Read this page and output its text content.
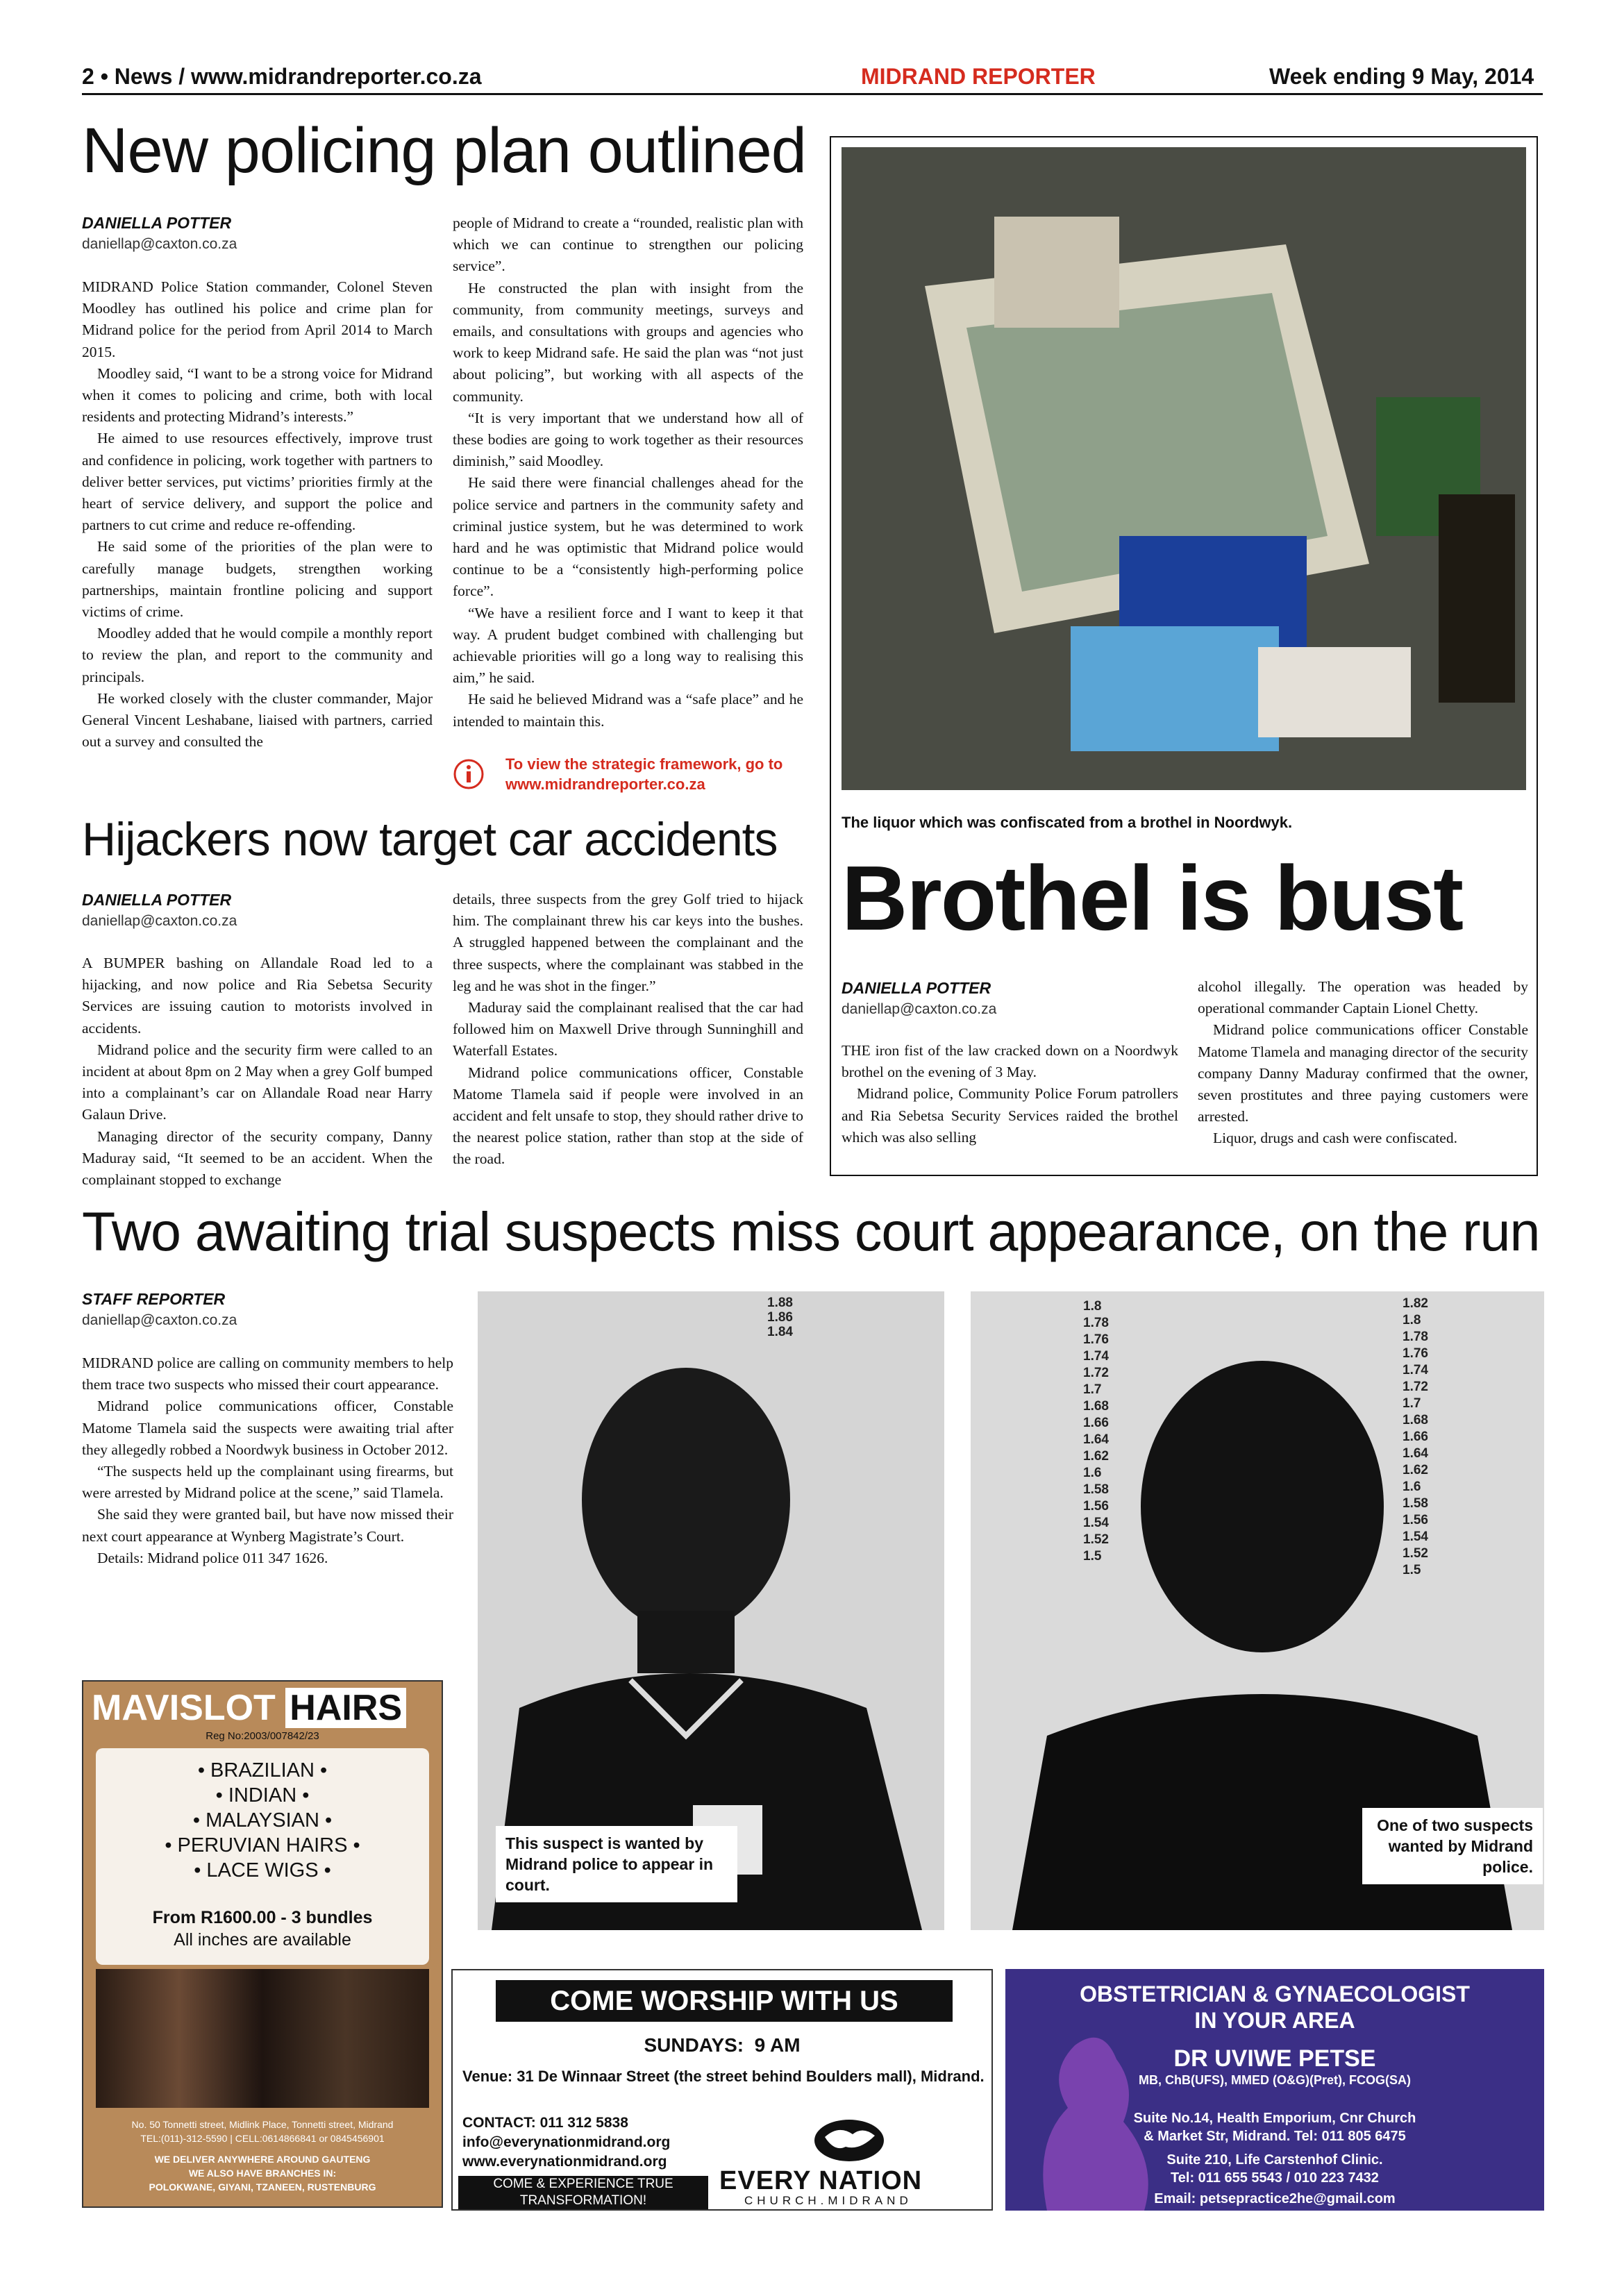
2 • News / www.midrandreporter.co.za	MIDRAND REPORTER	Week ending 9 May, 2014
New policing plan outlined
DANIELLA POTTER
daniellap@caxton.co.za

MIDRAND Police Station commander, Colonel Steven Moodley has outlined his police and crime plan for Midrand police for the period from April 2014 to March 2015.

Moodley said, “I want to be a strong voice for Midrand when it comes to policing and crime, both with local residents and protecting Midrand’s interests.”

He aimed to use resources effectively, improve trust and confidence in policing, work together with partners to deliver better services, put victims’ priorities firmly at the heart of service delivery, and support the police and partners to cut crime and reduce re-offending.

He said some of the priorities of the plan were to carefully manage budgets, strengthen working partnerships, maintain frontline policing and support victims of crime.

Moodley added that he would compile a monthly report to review the plan, and report to the community and principals.

He worked closely with the cluster commander, Major General Vincent Leshabane, liaised with partners, carried out a survey and consulted the

people of Midrand to create a “rounded, realistic plan with which we can continue to strengthen our policing service”.

He constructed the plan with insight from the community, from community meetings, surveys and emails, and consultations with groups and agencies who work to keep Midrand safe. He said the plan was “not just about policing”, but working with all aspects of the community.

“It is very important that we understand how all of these bodies are going to work together as their resources diminish,” said Moodley.

He said there were financial challenges ahead for the police service and partners in the community safety and criminal justice system, but he was determined to work hard and he was optimistic that Midrand police would continue to be a “consistently high-performing police force”.

“We have a resilient force and I want to keep it that way. A prudent budget combined with challenging but achievable priorities will go a long way to realising this aim,” he said.

He said he believed Midrand was a “safe place” and he intended to maintain this.

To view the strategic framework, go to www.midrandreporter.co.za
Hijackers now target car accidents
DANIELLA POTTER
daniellap@caxton.co.za

A BUMPER bashing on Allandale Road led to a hijacking, and now police and Ria Sebetsa Security Services are issuing caution to motorists involved in accidents.

Midrand police and the security firm were called to an incident at about 8pm on 2 May when a grey Golf bumped into a complainant’s car on Allandale Road near Harry Galaun Drive.

Managing director of the security company, Danny Maduray said, “It seemed to be an accident. When the complainant stopped to exchange

details, three suspects from the grey Golf tried to hijack him. The complainant threw his car keys into the bushes. A struggled happened between the complainant and the three suspects, where the complainant was stabbed in the leg and he was shot in the finger.”

Maduray said the complainant realised that the car had followed him on Maxwell Drive through Sunninghill and Waterfall Estates.

Midrand police communications officer, Constable Matome Tlamela said if people were involved in an accident and felt unsafe to stop, they should rather drive to the nearest police station, rather than stop at the side of the road.

The liquor which was confiscated from a brothel in Noordwyk.
Brothel is bust
DANIELLA POTTER
daniellap@caxton.co.za

THE iron fist of the law cracked down on a Noordwyk brothel on the evening of 3 May.

Midrand police, Community Police Forum patrollers and Ria Sebetsa Security Services raided the brothel which was also selling

alcohol illegally. The operation was headed by operational commander Captain Lionel Chetty.

Midrand police communications officer Constable Matome Tlamela and managing director of the security company Danny Maduray confirmed that the owner, seven prostitutes and three paying customers were arrested.

Liquor, drugs and cash were confiscated.

Two awaiting trial suspects miss court appearance, on the run
STAFF REPORTER
daniellap@caxton.co.za

MIDRAND police are calling on community members to help them trace two suspects who missed their court appearance.

Midrand police communications officer, Constable Matome Tlamela said the suspects were awaiting trial after they allegedly robbed a Noordwyk business in October 2012.

“The suspects held up the complainant using firearms, but were arrested by Midrand police at the scene,” said Tlamela.

She said they were granted bail, but have now missed their next court appearance at Wynberg Magistrate’s Court.

Details: Midrand police 011 347 1626.

1.88
1.86
1.84
This suspect is wanted by Midrand police to appear in court.
1.8
1.78
1.76
1.74
1.72
1.7
1.68
1.66
1.64
1.62
1.6
1.58
1.56
1.54
1.52
1.5
1.82
1.8
1.78
1.76
1.74
1.72
1.7
1.68
1.66
1.64
1.62
1.6
1.58
1.56
1.54
1.52
1.5
One of two suspects wanted by Midrand police.
MAVISLOT HAIRS
Reg No:2003/007842/23
• BRAZILIAN •
• INDIAN •
• MALAYSIAN •
• PERUVIAN HAIRS •
• LACE WIGS •
From R1600.00 - 3 bundles
All inches are available
No. 50 Tonnetti street, Midlink Place, Tonnetti street, Midrand
TEL:(011)-312-5590 | CELL:0614866841 or 0845456901
WE DELIVER ANYWHERE AROUND GAUTENG
WE ALSO HAVE BRANCHES IN:
POLOKWANE, GIYANI, TZANEEN, RUSTENBURG
COME WORSHIP WITH US
SUNDAYS:  9 AM
Venue: 31 De Winnaar Street (the street behind Boulders mall), Midrand.
CONTACT: 011 312 5838
info@everynationmidrand.org
www.everynationmidrand.org
COME & EXPERIENCE TRUE
TRANSFORMATION!
EVERY NATION
CHURCH.MIDRAND
OBSTETRICIAN & GYNAECOLOGIST
IN YOUR AREA
DR UVIWE PETSE
MB, ChB(UFS), MMED (O&G)(Pret), FCOG(SA)
Suite No.14, Health Emporium, Cnr Church
& Market Str, Midrand. Tel: 011 805 6475
Suite 210, Life Carstenhof Clinic.
Tel: 011 655 5543 / 010 223 7432
Email: petsepractice2he@gmail.com
